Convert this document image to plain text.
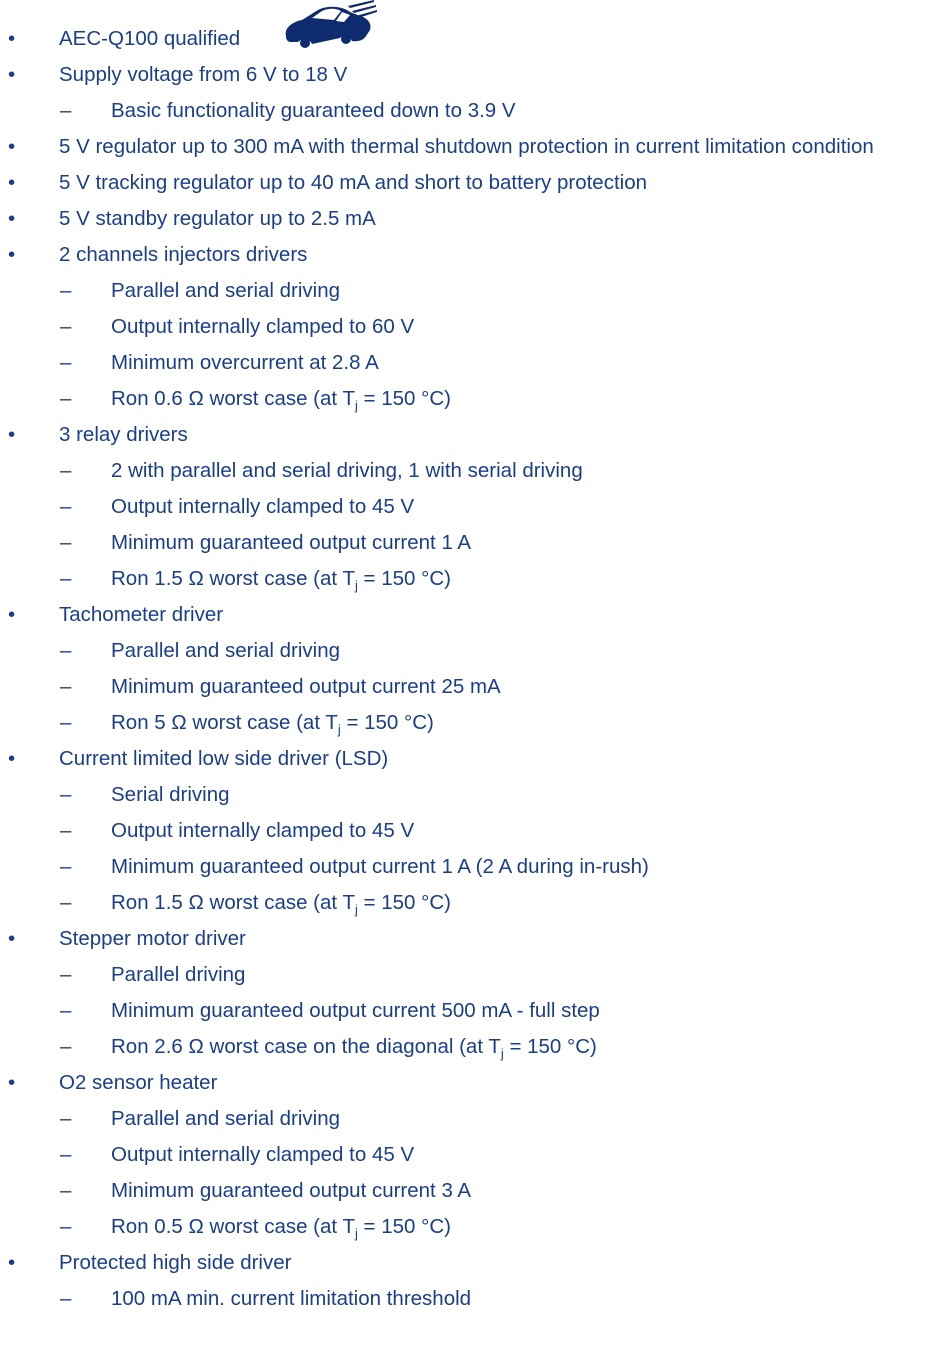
• AEC-Q100 qualified
• Supply voltage from 6 V to 18 V
– Basic functionality guaranteed down to 3.9 V
• 5 V regulator up to 300 mA with thermal shutdown protection in current limitation condition
• 5 V tracking regulator up to 40 mA and short to battery protection
• 5 V standby regulator up to 2.5 mA
• 2 channels injectors drivers
– Parallel and serial driving
– Output internally clamped to 60 V
– Minimum overcurrent at 2.8 A
– Ron 0.6 Ω worst case (at $T_j = 150$ °C)
• 3 relay drivers
– 2 with parallel and serial driving, 1 with serial driving
– Output internally clamped to 45 V
– Minimum guaranteed output current 1 A
– Ron 1.5 Ω worst case (at $T_j = 150$ °C)
• Tachometer driver
– Parallel and serial driving
– Minimum guaranteed output current 25 mA
– Ron 5 Ω worst case (at $T_j = 150$ °C)
• Current limited low side driver (LSD)
– Serial driving
– Output internally clamped to 45 V
– Minimum guaranteed output current 1 A (2 A during in-rush)
– Ron 1.5 Ω worst case (at $T_j = 150$ °C)
• Stepper motor driver
– Parallel driving
– Minimum guaranteed output current 500 mA - full step
– Ron 2.6 Ω worst case on the diagonal (at $T_j = 150$ °C)
• O2 sensor heater
– Parallel and serial driving
– Output internally clamped to 45 V
– Minimum guaranteed output current 3 A
– Ron 0.5 Ω worst case (at $T_j = 150$ °C)
• Protected high side driver
– 100 mA min. current limitation threshold
